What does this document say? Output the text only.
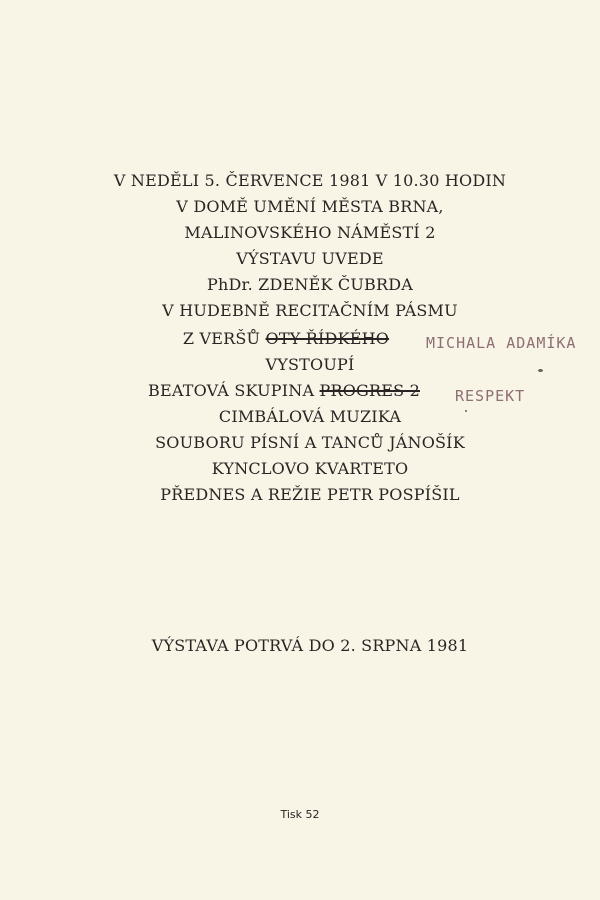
V NEDĚLI 5. ČERVENCE 1981 V 10.30 HODIN
V DOMĚ UMĚNÍ MĚSTA BRNA,
MALINOVSKÉHO NÁMĚSTÍ 2
VÝSTAVU UVEDE
PhDr. ZDENĚK ČUBRDA
V HUDEBNĚ RECITAČNÍM PÁSMU
Z VERŠŮ OTY ŘÍDKÉHO	MICHALA ADAMÍKA
VYSTOUPÍ
BEATOVÁ SKUPINA PROGRES 2	RESPEKT
CIMBÁLOVÁ MUZIKA
SOUBORU PÍSNÍ A TANCŮ JÁNOŠÍK
KYNCLOVO KVARTETO
PŘEDNES A REŽIE PETR POSPÍŠIL
VÝSTAVA POTRVÁ DO 2. SRPNA 1981
Tisk 52
